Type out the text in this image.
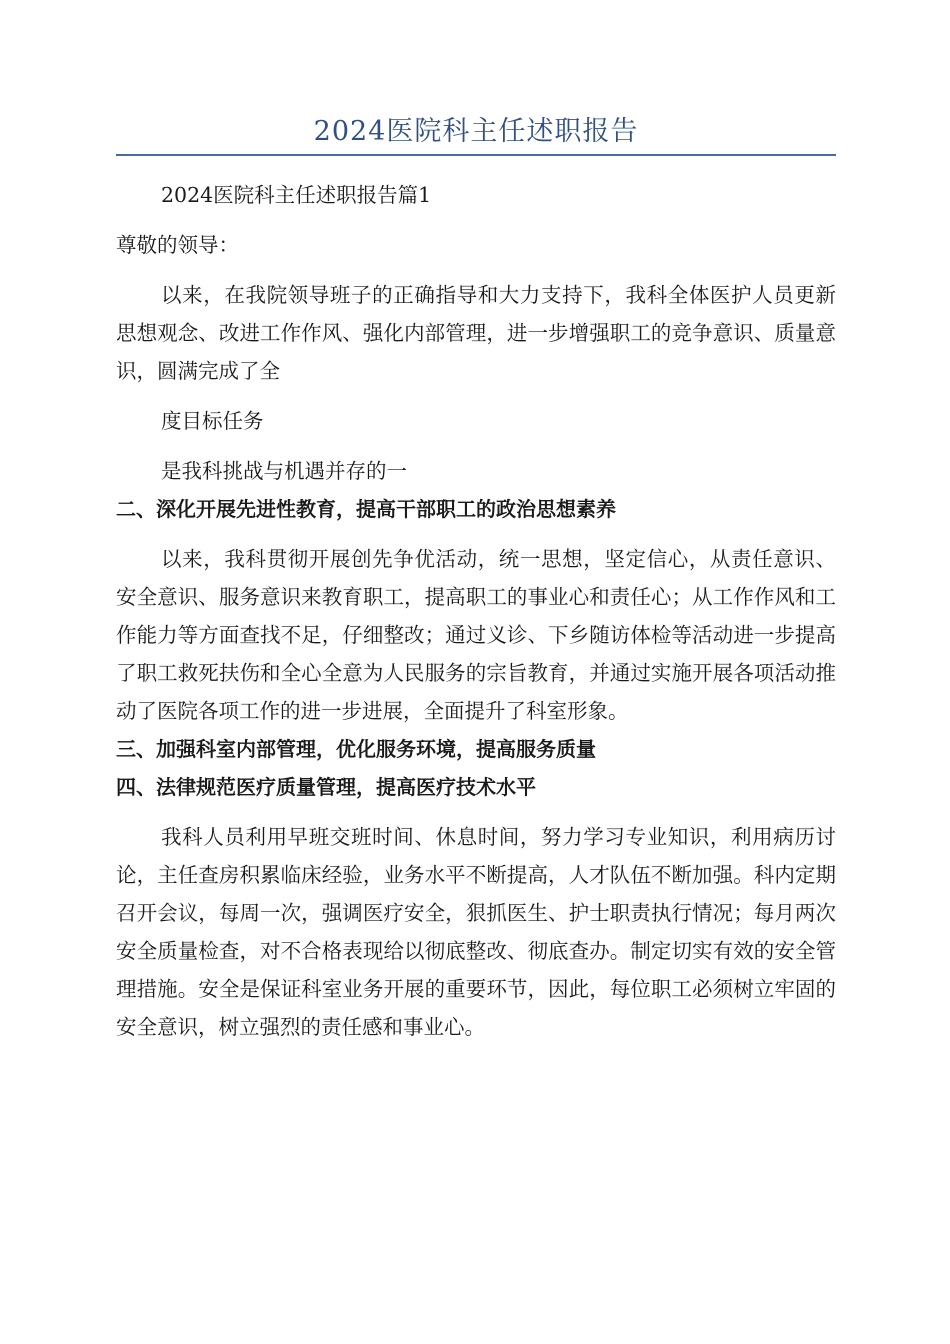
2024医院科主任述职报告

2024医院科主任述职报告篇1

尊敬的领导：

以来，在我院领导班子的正确指导和大力支持下，我科全体医护人员更新思想观念、改进工作作风、强化内部管理，进一步增强职工的竞争意识、质量意识，圆满完成了全

度目标任务

是我科挑战与机遇并存的一

二、深化开展先进性教育，提高干部职工的政治思想素养

以来，我科贯彻开展创先争优活动，统一思想，坚定信心，从责任意识、安全意识、服务意识来教育职工，提高职工的事业心和责任心；从工作作风和工作能力等方面查找不足，仔细整改；通过义诊、下乡随访体检等活动进一步提高了职工救死扶伤和全心全意为人民服务的宗旨教育，并通过实施开展各项活动推动了医院各项工作的进一步进展，全面提升了科室形象。

三、加强科室内部管理，优化服务环境，提高服务质量
四、法律规范医疗质量管理，提高医疗技术水平

我科人员利用早班交班时间、休息时间，努力学习专业知识，利用病历讨论，主任查房积累临床经验，业务水平不断提高，人才队伍不断加强。科内定期召开会议，每周一次，强调医疗安全，狠抓医生、护士职责执行情况；每月两次安全质量检查，对不合格表现给以彻底整改、彻底查办。制定切实有效的安全管理措施。安全是保证科室业务开展的重要环节，因此，每位职工必须树立牢固的安全意识，树立强烈的责任感和事业心。
